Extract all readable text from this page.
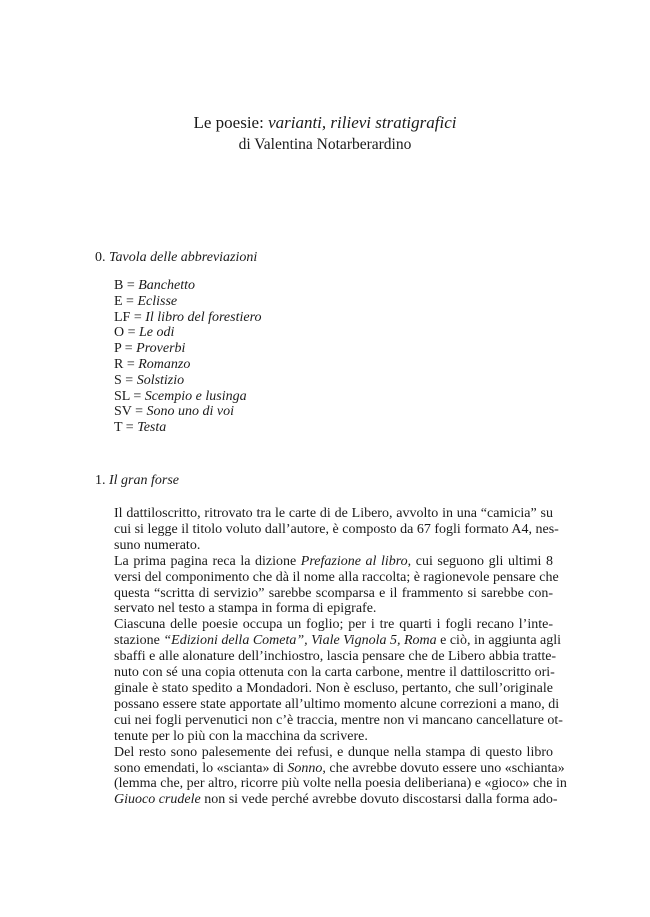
Le poesie: varianti, rilievi stratigrafici
di Valentina Notarberardino
0. Tavola delle abbreviazioni
B = Banchetto
E = Eclisse
LF = Il libro del forestiero
O = Le odi
P = Proverbi
R = Romanzo
S = Solstizio
SL = Scempio e lusinga
SV = Sono uno di voi
T = Testa
1. Il gran forse

Il dattiloscritto, ritrovato tra le carte di de Libero, avvolto in una “camicia” su
cui si legge il titolo voluto dall’autore, è composto da 67 fogli formato A4, nes-
suno numerato.

La prima pagina reca la dizione Prefazione al libro, cui seguono gli ultimi 8
versi del componimento che dà il nome alla raccolta; è ragionevole pensare che
questa “scritta di servizio” sarebbe scomparsa e il frammento si sarebbe con-
servato nel testo a stampa in forma di epigrafe.

Ciascuna delle poesie occupa un foglio; per i tre quarti i fogli recano l’inte-
stazione “Edizioni della Cometa”, Viale Vignola 5, Roma e ciò, in aggiunta agli
sbaffi e alle alonature dell’inchiostro, lascia pensare che de Libero abbia tratte-
nuto con sé una copia ottenuta con la carta carbone, mentre il dattiloscritto ori-
ginale è stato spedito a Mondadori. Non è escluso, pertanto, che sull’originale
possano essere state apportate all’ultimo momento alcune correzioni a mano, di
cui nei fogli pervenutici non c’è traccia, mentre non vi mancano cancellature ot-
tenute per lo più con la macchina da scrivere.

Del resto sono palesemente dei refusi, e dunque nella stampa di questo libro
sono emendati, lo «scianta» di Sonno, che avrebbe dovuto essere uno «schianta»
(lemma che, per altro, ricorre più volte nella poesia deliberiana) e «gioco» che in
Giuoco crudele non si vede perché avrebbe dovuto discostarsi dalla forma ado-
